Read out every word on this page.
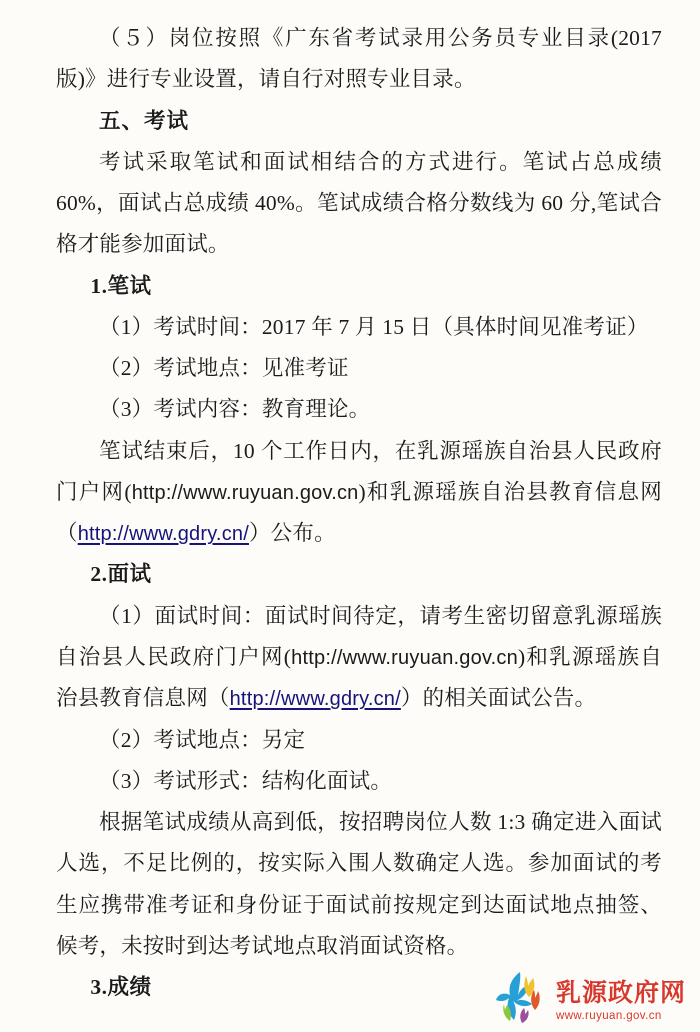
（５）岗位按照《广东省考试录用公务员专业目录(2017版)》进行专业设置，请自行对照专业目录。

五、考试

考试采取笔试和面试相结合的方式进行。笔试占总成绩 60%，面试占总成绩 40%。笔试成绩合格分数线为 60 分,笔试合格才能参加面试。

1.笔试

（1）考试时间：2017 年 7 月 15 日（具体时间见准考证）

（2）考试地点：见准考证

（3）考试内容：教育理论。

笔试结束后，10 个工作日内，在乳源瑶族自治县人民政府门户网(http://www.ruyuan.gov.cn)和乳源瑶族自治县教育信息网（http://www.gdry.cn/）公布。

2.面试

（1）面试时间：面试时间待定，请考生密切留意乳源瑶族自治县人民政府门户网(http://www.ruyuan.gov.cn)和乳源瑶族自治县教育信息网（http://www.gdry.cn/）的相关面试公告。

（2）考试地点：另定

（3）考试形式：结构化面试。

根据笔试成绩从高到低，按招聘岗位人数 1:3 确定进入面试人选，不足比例的，按实际入围人数确定人选。参加面试的考生应携带准考证和身份证于面试前按规定到达面试地点抽签、候考，未按时到达考试地点取消面试资格。

3.成绩	乳源政府网
www.ruyuan.gov.cn
